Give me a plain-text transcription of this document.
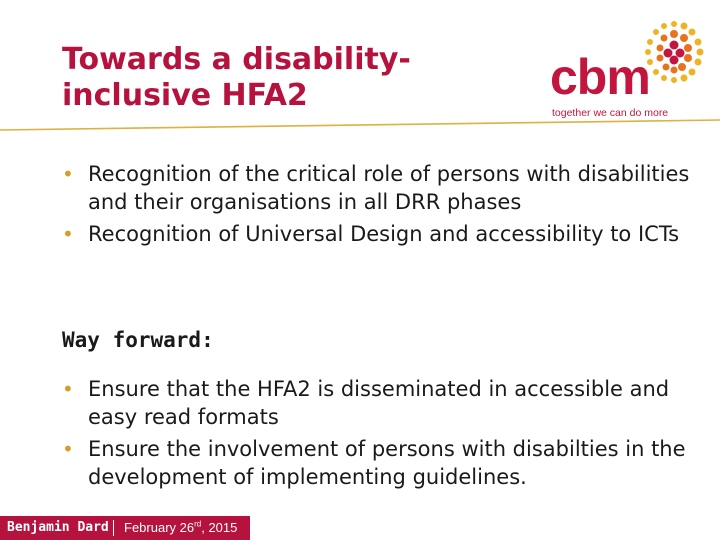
Towards a disability-
inclusive HFA2	cbm
together we can do more
• Recognition of the critical role of persons with disabilities and their organisations in all DRR phases
• Recognition of Universal Design and accessibility to ICTs
Way forward:
• Ensure that the HFA2 is disseminated in accessible and easy read formats
• Ensure the involvement of persons with disabilties in the development of implementing guidelines.
Benjamin Dard February 26rd, 2015
